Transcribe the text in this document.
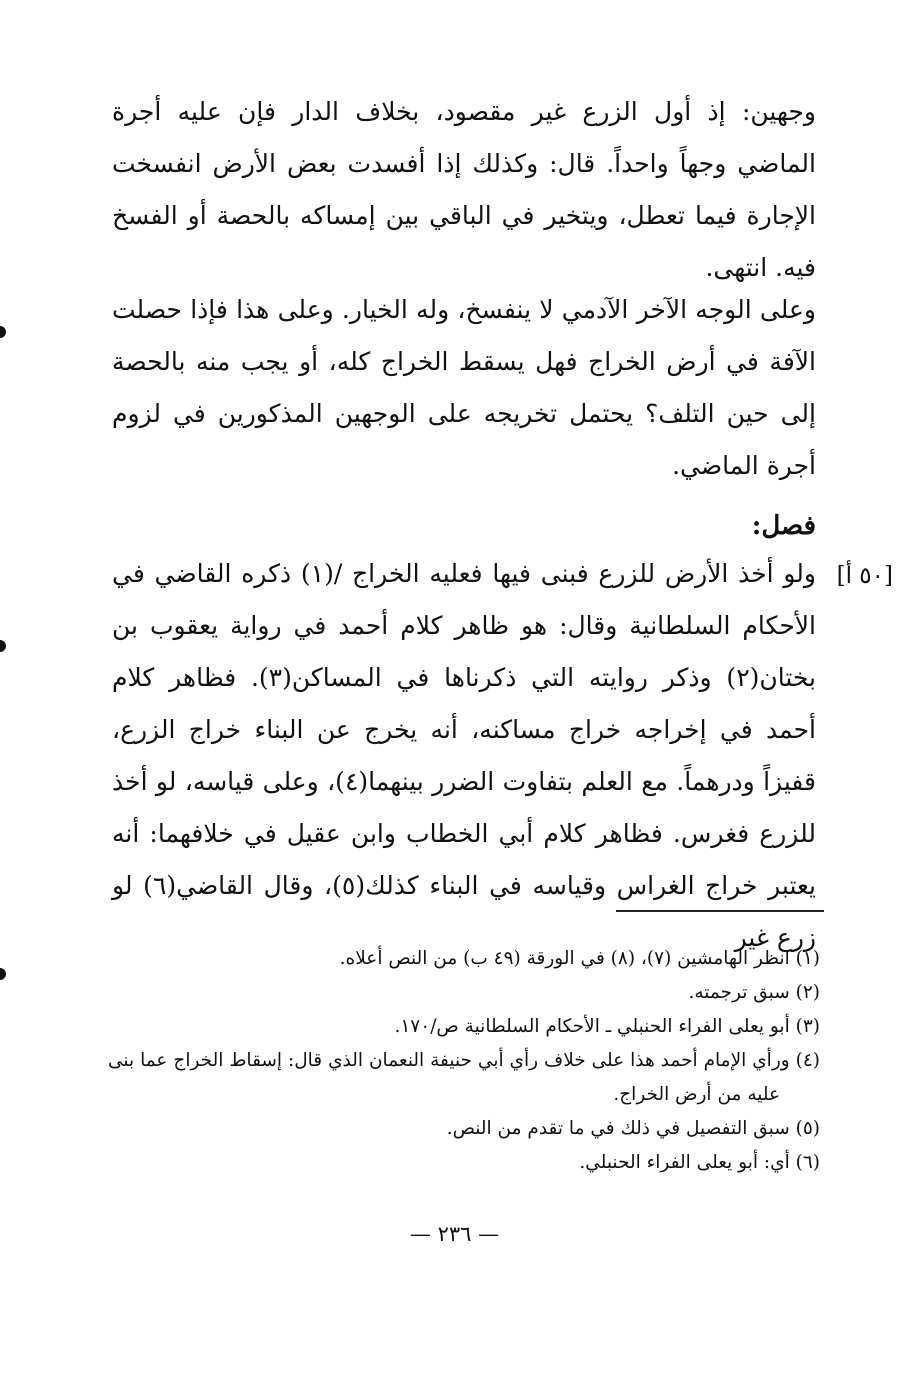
وجهين: إذ أول الزرع غير مقصود، بخلاف الدار فإن عليه أجرة الماضي وجهاً واحداً. قال: وكذلك إذا أفسدت بعض الأرض انفسخت الإجارة فيما تعطل، ويتخير في الباقي بين إمساكه بالحصة أو الفسخ فيه. انتهى.

وعلى الوجه الآخر الآدمي لا ينفسخ، وله الخيار. وعلى هذا فإذا حصلت الآفة في أرض الخراج فهل يسقط الخراج كله، أو يجب منه بالحصة إلى حين التلف؟ يحتمل تخريجه على الوجهين المذكورين في لزوم أجرة الماضي.

فصل:
[٥٠ أ]

ولو أخذ الأرض للزرع فبنى فيها فعليه الخراج /(١) ذكره القاضي في الأحكام السلطانية وقال: هو ظاهر كلام أحمد في رواية يعقوب بن بختان(٢) وذكر روايته التي ذكرناها في المساكن(٣). فظاهر كلام أحمد في إخراجه خراج مساكنه، أنه يخرج عن البناء خراج الزرع، قفيزاً ودرهماً. مع العلم بتفاوت الضرر بينهما(٤)، وعلى قياسه، لو أخذ للزرع فغرس. فظاهر كلام أبي الخطاب وابن عقيل في خلافهما: أنه يعتبر خراج الغراس وقياسه في البناء كذلك(٥)، وقال القاضي(٦) لو زرع غير

(١) انظر الهامشين (٧)، (٨) في الورقة (٤٩ ب) من النص أعلاه.
(٢) سبق ترجمته.
(٣) أبو يعلى الفراء الحنبلي ـ الأحكام السلطانية ص/١٧٠.
(٤) ورأي الإمام أحمد هذا على خلاف رأي أبي حنيفة النعمان الذي قال: إسقاط الخراج عما بنى عليه من أرض الخراج.
(٥) سبق التفصيل في ذلك في ما تقدم من النص.
(٦) أي: أبو يعلى الفراء الحنبلي.
— ٢٣٦ —
